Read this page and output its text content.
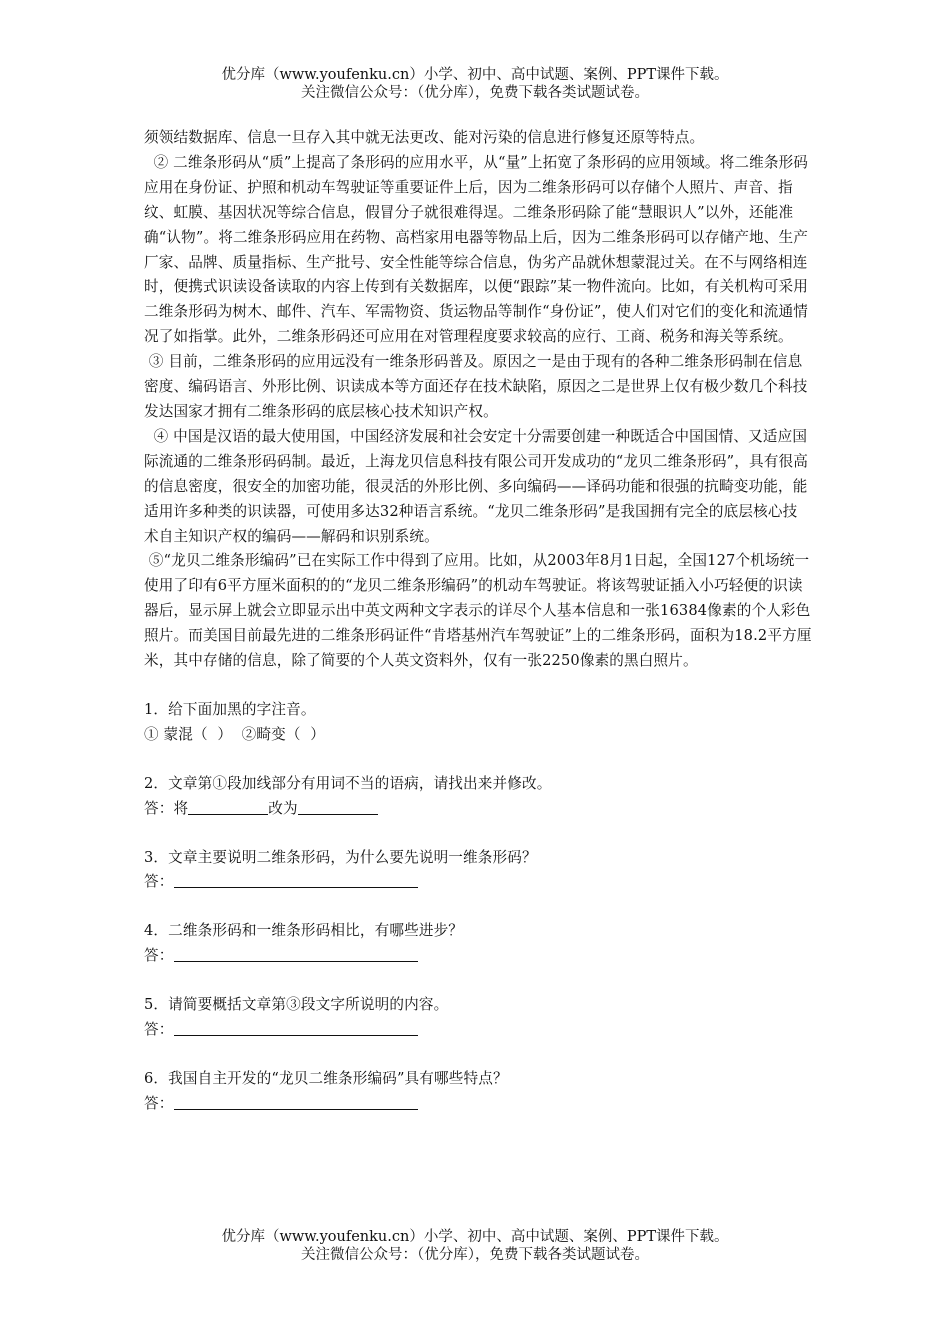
优分库（www.youfenku.cn）小学、初中、高中试题、案例、PPT课件下载。
关注微信公众号：（优分库），免费下载各类试题试卷。

须领结数据库、信息一旦存入其中就无法更改、能对污染的信息进行修复还原等特点。

② 二维条形码从“质”上提高了条形码的应用水平，从“量”上拓宽了条形码的应用领域。将二维条形码应用在身份证、护照和机动车驾驶证等重要证件上后，因为二维条形码可以存储个人照片、声音、指纹、虹膜、基因状况等综合信息，假冒分子就很难得逞。二维条形码除了能“慧眼识人”以外，还能准确“认物”。将二维条形码应用在药物、高档家用电器等物品上后，因为二维条形码可以存储产地、生产厂家、品牌、质量指标、生产批号、安全性能等综合信息，伪劣产品就休想蒙混过关。在不与网络相连时，便携式识读设备读取的内容上传到有关数据库，以便“跟踪”某一物件流向。比如，有关机构可采用二维条形码为树木、邮件、汽车、军需物资、货运物品等制作“身份证”，使人们对它们的变化和流通情况了如指掌。此外，二维条形码还可应用在对管理程度要求较高的应行、工商、税务和海关等系统。

③ 目前，二维条形码的应用远没有一维条形码普及。原因之一是由于现有的各种二维条形码制在信息密度、编码语言、外形比例、识读成本等方面还存在技术缺陷，原因之二是世界上仅有极少数几个科技发达国家才拥有二维条形码的底层核心技术知识产权。

④ 中国是汉语的最大使用国，中国经济发展和社会安定十分需要创建一种既适合中国国情、又适应国际流通的二维条形码码制。最近，上海龙贝信息科技有限公司开发成功的“龙贝二维条形码”，具有很高的信息密度，很安全的加密功能，很灵活的外形比例、多向编码——译码功能和很强的抗畸变功能，能适用许多种类的识读器，可使用多达32种语言系统。“龙贝二维条形码”是我国拥有完全的底层核心技术自主知识产权的编码——解码和识别系统。

⑤“龙贝二维条形编码”已在实际工作中得到了应用。比如，从2003年8月1日起，全国127个机场统一使用了印有6平方厘米面积的的“龙贝二维条形编码”的机动车驾驶证。将该驾驶证插入小巧轻便的识读器后，显示屏上就会立即显示出中英文两种文字表示的详尽个人基本信息和一张16384像素的个人彩色照片。而美国目前最先进的二维条形码证件“肯塔基州汽车驾驶证”上的二维条形码，面积为18.2平方厘米，其中存储的信息，除了简要的个人英文资料外，仅有一张2250像素的黑白照片。

1．给下面加黑的字注音。

① 蒙混（  ）  ②畸变（  ）

2．文章第①段加线部分有用词不当的语病，请找出来并修改。

答：将	改为

3．文章主要说明二维条形码，为什么要先说明一维条形码？

答：

4．二维条形码和一维条形码相比，有哪些进步？

答：

5．请简要概括文章第③段文字所说明的内容。

答：

6．我国自主开发的“龙贝二维条形编码”具有哪些特点？

答：

优分库（www.youfenku.cn）小学、初中、高中试题、案例、PPT课件下载。
关注微信公众号：（优分库），免费下载各类试题试卷。
